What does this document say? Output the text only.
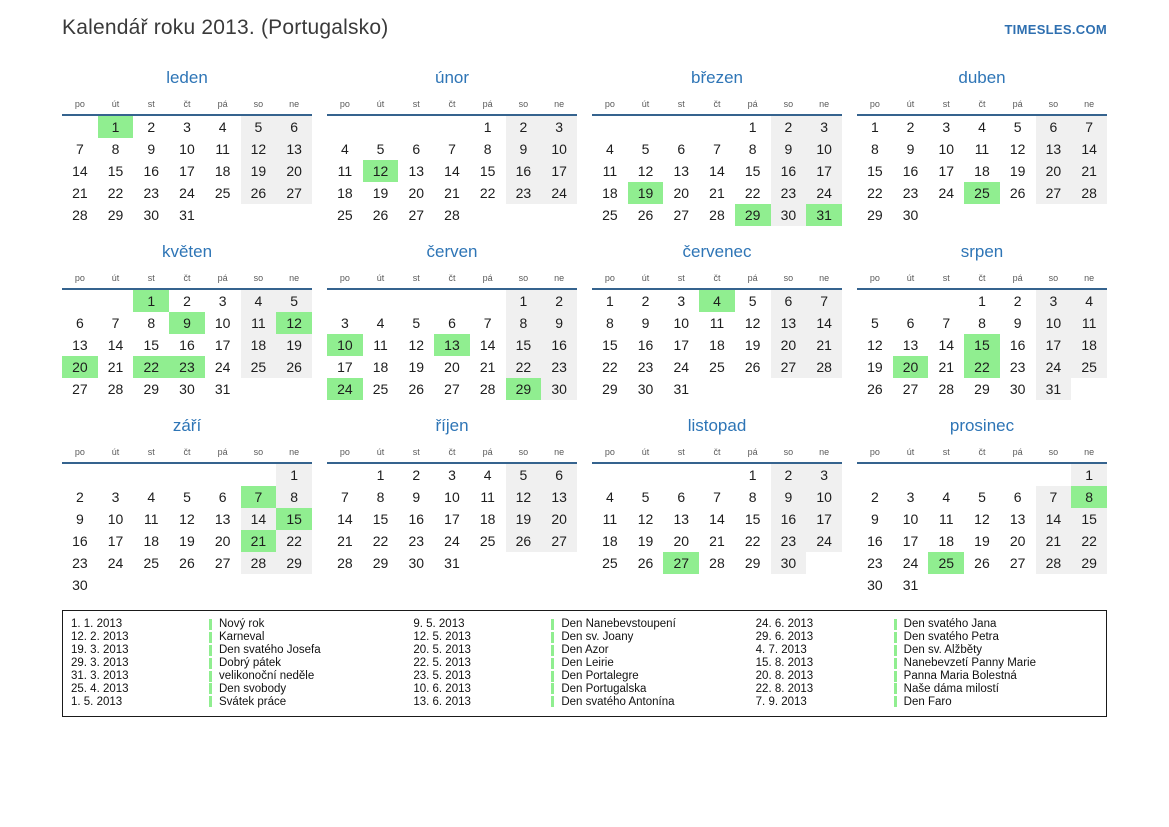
Kalendář roku 2013. (Portugalsko)	TIMESLES.COM
leden
po	út	st	čt	pá	so	ne
	1	2	3	4	5	6
7	8	9	10	11	12	13
14	15	16	17	18	19	20
21	22	23	24	25	26	27
28	29	30	31			
únor
po	út	st	čt	pá	so	ne
				1	2	3
4	5	6	7	8	9	10
11	12	13	14	15	16	17
18	19	20	21	22	23	24
25	26	27	28			
březen
po	út	st	čt	pá	so	ne
				1	2	3
4	5	6	7	8	9	10
11	12	13	14	15	16	17
18	19	20	21	22	23	24
25	26	27	28	29	30	31
duben
po	út	st	čt	pá	so	ne
1	2	3	4	5	6	7
8	9	10	11	12	13	14
15	16	17	18	19	20	21
22	23	24	25	26	27	28
29	30					
květen
po	út	st	čt	pá	so	ne
		1	2	3	4	5
6	7	8	9	10	11	12
13	14	15	16	17	18	19
20	21	22	23	24	25	26
27	28	29	30	31		
červen
po	út	st	čt	pá	so	ne
					1	2
3	4	5	6	7	8	9
10	11	12	13	14	15	16
17	18	19	20	21	22	23
24	25	26	27	28	29	30
červenec
po	út	st	čt	pá	so	ne
1	2	3	4	5	6	7
8	9	10	11	12	13	14
15	16	17	18	19	20	21
22	23	24	25	26	27	28
29	30	31				
srpen
po	út	st	čt	pá	so	ne
			1	2	3	4
5	6	7	8	9	10	11
12	13	14	15	16	17	18
19	20	21	22	23	24	25
26	27	28	29	30	31	
září
po	út	st	čt	pá	so	ne
						1
2	3	4	5	6	7	8
9	10	11	12	13	14	15
16	17	18	19	20	21	22
23	24	25	26	27	28	29
30						
říjen
po	út	st	čt	pá	so	ne
	1	2	3	4	5	6
7	8	9	10	11	12	13
14	15	16	17	18	19	20
21	22	23	24	25	26	27
28	29	30	31			
listopad
po	út	st	čt	pá	so	ne
				1	2	3
4	5	6	7	8	9	10
11	12	13	14	15	16	17
18	19	20	21	22	23	24
25	26	27	28	29	30	
prosinec
po	út	st	čt	pá	so	ne
						1
2	3	4	5	6	7	8
9	10	11	12	13	14	15
16	17	18	19	20	21	22
23	24	25	26	27	28	29
30	31					
1. 1. 2013	Nový rok
12. 2. 2013	Karneval
19. 3. 2013	Den svatého Josefa
29. 3. 2013	Dobrý pátek
31. 3. 2013	velikonoční neděle
25. 4. 2013	Den svobody
1. 5. 2013	Svátek práce
9. 5. 2013	Den Nanebevstoupení
12. 5. 2013	Den sv. Joany
20. 5. 2013	Den Azor
22. 5. 2013	Den Leirie
23. 5. 2013	Den Portalegre
10. 6. 2013	Den Portugalska
13. 6. 2013	Den svatého Antonína
24. 6. 2013	Den svatého Jana
29. 6. 2013	Den svatého Petra
4. 7. 2013	Den sv. Alžběty
15. 8. 2013	Nanebevzetí Panny Marie
20. 8. 2013	Panna Maria Bolestná
22. 8. 2013	Naše dáma milostí
7. 9. 2013	Den Faro
